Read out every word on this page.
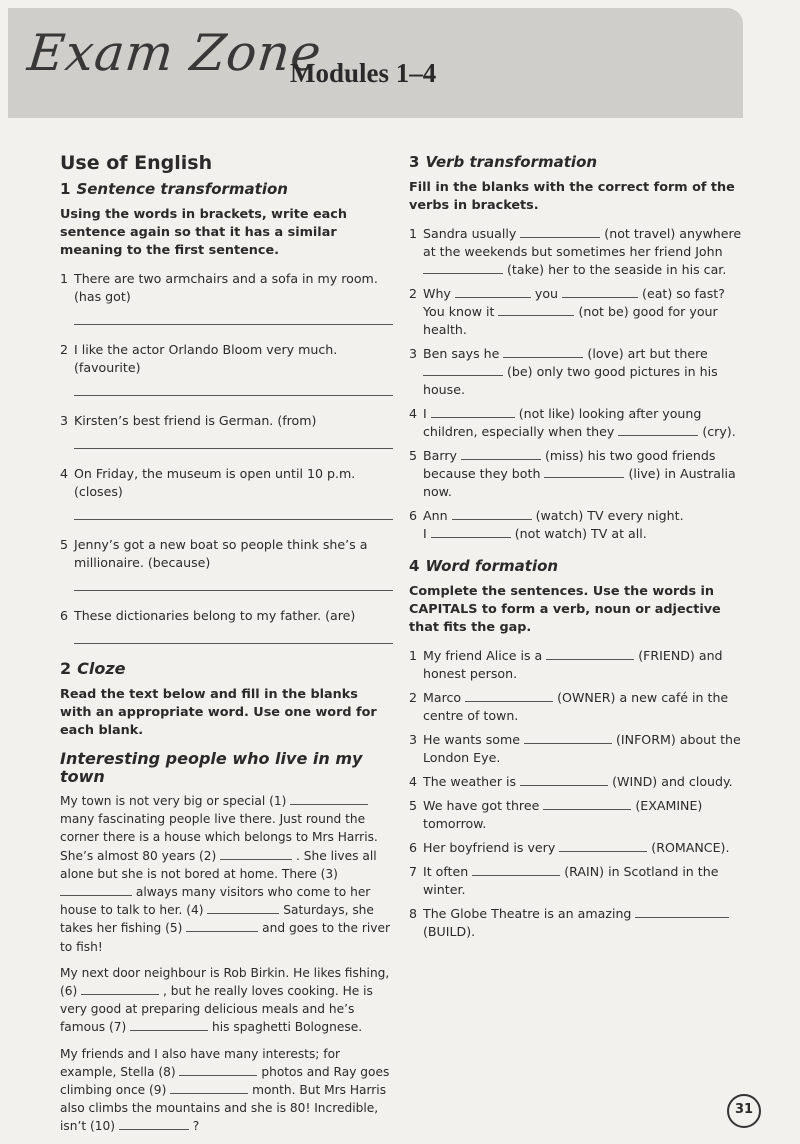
Exam Zone
Modules 1–4
Use of English
1 Sentence transformation
Using the words in brackets, write each sentence again so that it has a similar meaning to the first sentence.
1 There are two armchairs and a sofa in my room. (has got)
2 I like the actor Orlando Bloom very much. (favourite)
3 Kirsten’s best friend is German. (from)
4 On Friday, the museum is open until 10 p.m. (closes)
5 Jenny’s got a new boat so people think she’s a millionaire. (because)
6 These dictionaries belong to my father. (are)
2 Cloze
Read the text below and fill in the blanks with an appropriate word. Use one word for each blank.
Interesting people who live in my town
My town is not very big or special (1)  many fascinating people live there. Just round the corner there is a house which belongs to Mrs Harris. She’s almost 80 years (2)	. She lives all alone but she is not bored at home. There (3)  always many visitors who come to her house to talk to her. (4)	Saturdays, she takes her fishing (5)	and goes to the river to fish!
My next door neighbour is Rob Birkin. He likes fishing, (6)	, but he really loves cooking. He is very good at preparing delicious meals and he’s famous (7)	his spaghetti Bolognese.
My friends and I also have many interests; for example, Stella (8)	photos and Ray goes climbing once (9)	month. But Mrs Harris also climbs the mountains and she is 80! Incredible, isn’t (10)	?
3 Verb transformation
Fill in the blanks with the correct form of the verbs in brackets.
1 Sandra usually	(not travel) anywhere at the weekends but sometimes her friend John  (take) her to the seaside in his car.
2 Why	you	(eat) so fast? You know it	(not be) good for your health.
3 Ben says he	(love) art but there  (be) only two good pictures in his house.
4 I	(not like) looking after young children, especially when they	(cry).
5 Barry	(miss) his two good friends because they both	(live) in Australia now.
6 Ann	(watch) TV every night.
I	(not watch) TV at all.
4 Word formation
Complete the sentences. Use the words in CAPITALS to form a verb, noun or adjective that fits the gap.
1 My friend Alice is a	(FRIEND) and honest person.
2 Marco	(OWNER) a new café in the centre of town.
3 He wants some	(INFORM) about the London Eye.
4 The weather is	(WIND) and cloudy.
5 We have got three	(EXAMINE) tomorrow.
6 Her boyfriend is very	(ROMANCE).
7 It often	(RAIN) in Scotland in the winter.
8 The Globe Theatre is an amazing  (BUILD).
31
